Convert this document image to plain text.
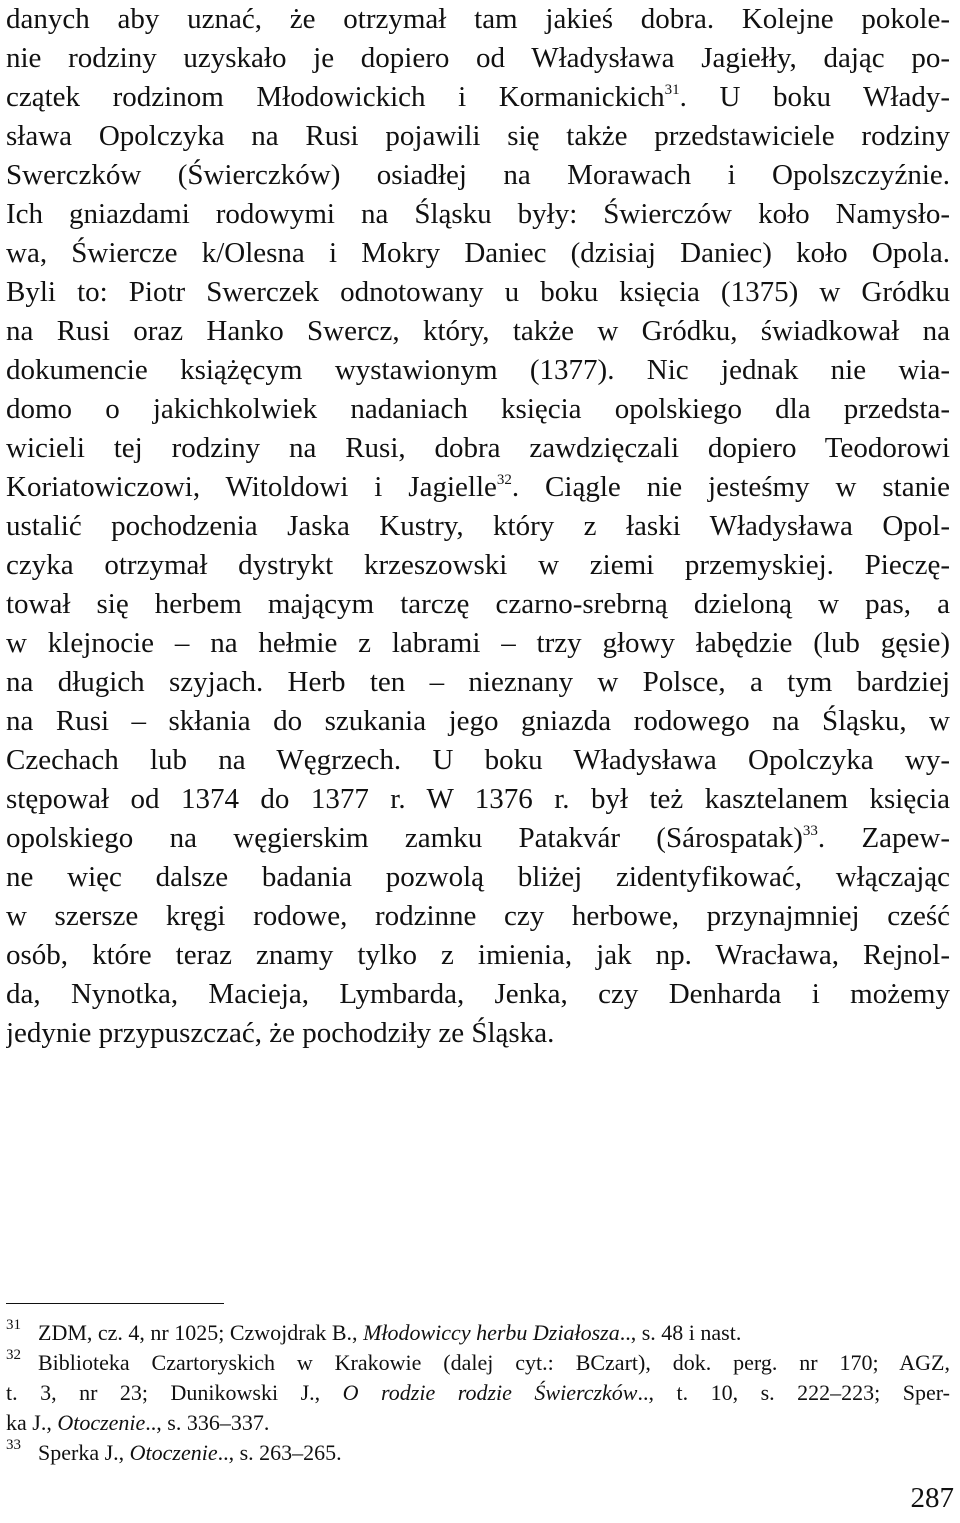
danych aby uznać, że otrzymał tam jakieś dobra. Kolejne pokole-
nie rodziny uzyskało je dopiero od Władysława Jagiełły, dając po-
czątek rodzinom Młodowickich i Kormanickich$^{31}$. U boku Włady-
sława Opolczyka na Rusi pojawili się także przedstawiciele rodziny
Swerczków (Świerczków) osiadłej na Morawach i Opolszczyźnie.
Ich gniazdami rodowymi na Śląsku były: Świerczów koło Namysło-
wa, Świercze k/Olesna i Mokry Daniec (dzisiaj Daniec) koło Opola.
Byli to: Piotr Swerczek odnotowany u boku księcia (1375) w Gródku
na Rusi oraz Hanko Swercz, który, także w Gródku, świadkował na
dokumencie książęcym wystawionym (1377). Nic jednak nie wia-
domo o jakichkolwiek nadaniach księcia opolskiego dla przedsta-
wicieli tej rodziny na Rusi, dobra zawdzięczali dopiero Teodorowi
Koriatowiczowi, Witoldowi i Jagielle$^{32}$. Ciągle nie jesteśmy w stanie
ustalić pochodzenia Jaska Kustry, który z łaski Władysława Opol-
czyka otrzymał dystrykt krzeszowski w ziemi przemyskiej. Pieczę-
tował się herbem mającym tarczę czarno-srebrną dzieloną w pas, a
w klejnocie – na hełmie z labrami – trzy głowy łabędzie (lub gęsie)
na długich szyjach. Herb ten – nieznany w Polsce, a tym bardziej
na Rusi – skłania do szukania jego gniazda rodowego na Śląsku, w
Czechach lub na Węgrzech. U boku Władysława Opolczyka wy-
stępował od 1374 do 1377 r. W 1376 r. był też kasztelanem księcia
opolskiego na węgierskim zamku Patakvár (Sárospatak)$^{33}$. Zapew-
ne więc dalsze badania pozwolą bliżej zidentyfikować, włączając
w szersze kręgi rodowe, rodzinne czy herbowe, przynajmniej cześć
osób, które teraz znamy tylko z imienia, jak np. Wracława, Rejnol-
da, Nynotka, Macieja, Lymbarda, Jenka, czy Denharda i możemy
jedynie przypuszczać, że pochodziły ze Śląska.
31 ZDM, cz. 4, nr 1025; Czwojdrak B., Młodowiccy herbu Działosza.., s. 48 i nast.
32 Biblioteka Czartoryskich w Krakowie (dalej cyt.: BCzart), dok. perg. nr 170; AGZ,
t. 3, nr 23; Dunikowski J., O rodzie rodzie Świerczków.., t. 10, s. 222–223; Sper-
ka J., Otoczenie.., s. 336–337.
33 Sperka J., Otoczenie.., s. 263–265.
287
